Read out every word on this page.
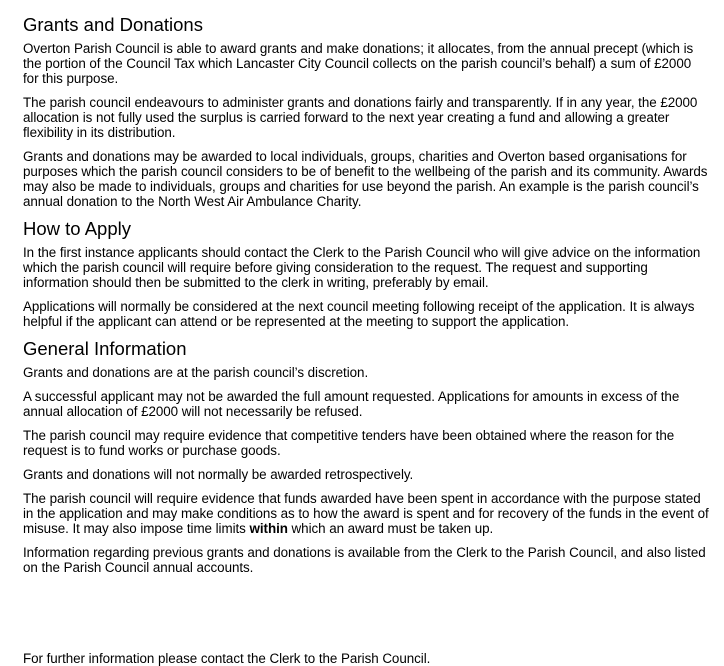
Grants and Donations

Overton Parish Council is able to award grants and make donations; it allocates, from the annual precept (which is the portion of the Council Tax which Lancaster City Council collects on the parish council’s behalf) a sum of £2000 for this purpose.

The parish council endeavours to administer grants and donations fairly and transparently. If in any year, the £2000 allocation is not fully used the surplus is carried forward to the next year creating a fund and allowing a greater flexibility in its distribution.

Grants and donations may be awarded to local individuals, groups, charities and Overton based organisations for purposes which the parish council considers to be of benefit to the wellbeing of the parish and its community. Awards may also be made to individuals, groups and charities for use beyond the parish. An example is the parish council’s annual donation to the North West Air Ambulance Charity.

How to Apply

In the first instance applicants should contact the Clerk to the Parish Council who will give advice on the information which the parish council will require before giving consideration to the request. The request and supporting information should then be submitted to the clerk in writing, preferably by email.

Applications will normally be considered at the next council meeting following receipt of the application. It is always helpful if the applicant can attend or be represented at the meeting to support the application.

General Information

Grants and donations are at the parish council’s discretion.

A successful applicant may not be awarded the full amount requested. Applications for amounts in excess of the annual allocation of £2000 will not necessarily be refused.

The parish council may require evidence that competitive tenders have been obtained where the reason for the request is to fund works or purchase goods.

Grants and donations will not normally be awarded retrospectively.

The parish council will require evidence that funds awarded have been spent in accordance with the purpose stated in the application and may make conditions as to how the award is spent and for recovery of the funds in the event of misuse. It may also impose time limits within which an award must be taken up.

Information regarding previous grants and donations is available from the Clerk to the Parish Council, and also listed on the Parish Council annual accounts.

For further information please contact the Clerk to the Parish Council.
